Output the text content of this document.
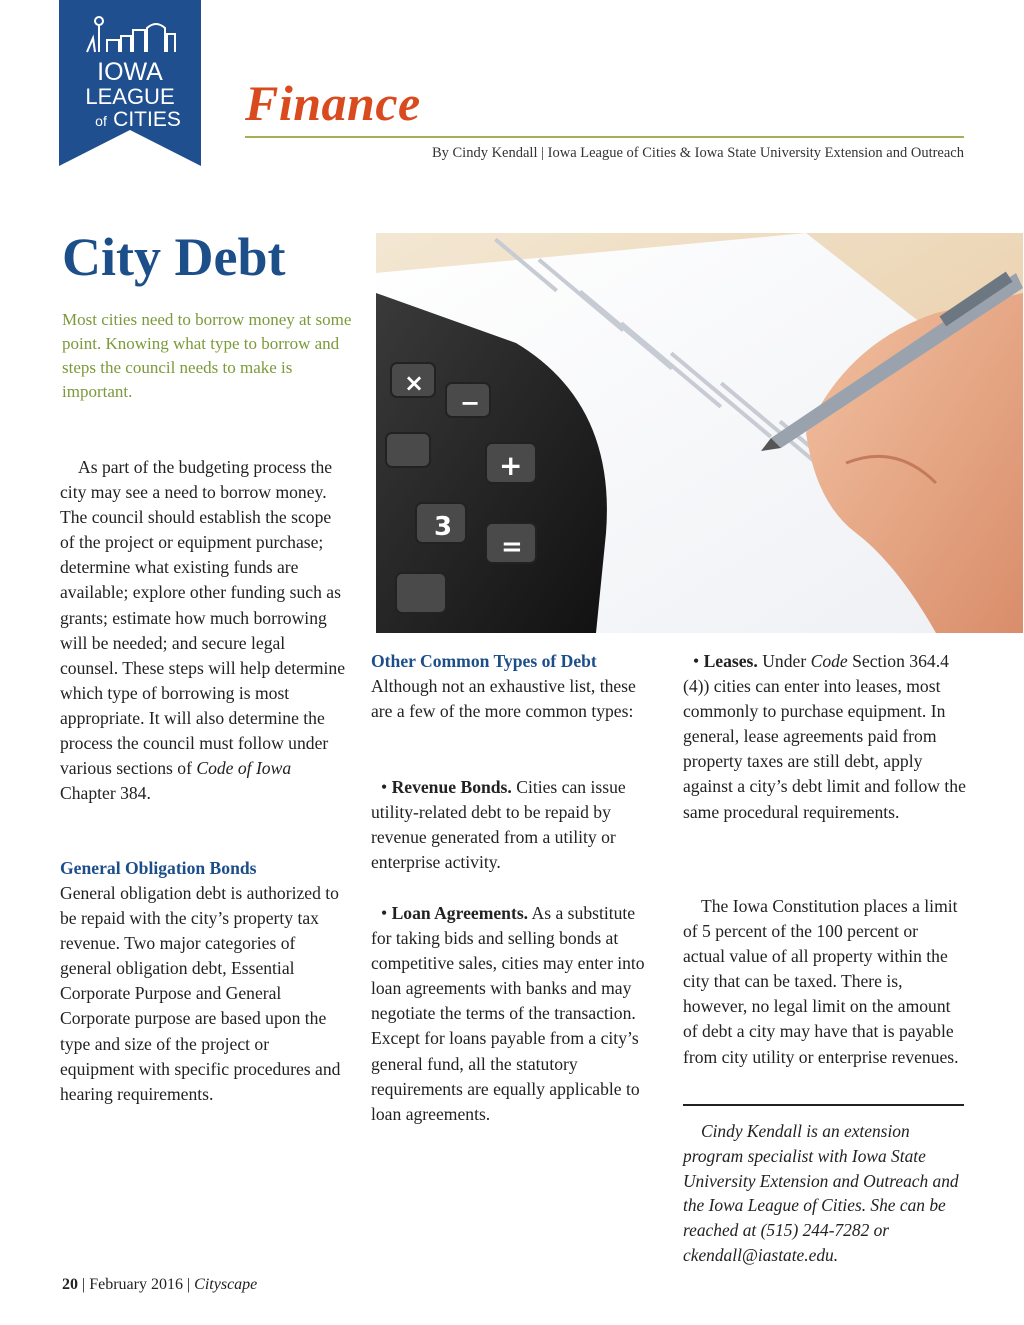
IOWA
LEAGUE
of CITIES Finance
By Cindy Kendall | Iowa League of Cities & Iowa State University Extension and Outreach
City Debt

Most cities need to borrow money at some point. Knowing what type to borrow and steps the council needs to make is important.

As part of the budgeting process the city may see a need to borrow money. The council should establish the scope of the project or equipment purchase; determine what existing funds are available; explore other funding such as grants; estimate how much borrowing will be needed; and secure legal counsel. These steps will help determine which type of borrowing is most appropriate. It will also determine the process the council must follow under various sections of Code of Iowa Chapter 384.

General Obligation Bonds

General obligation debt is authorized to be repaid with the city’s property tax revenue. Two major categories of general obligation debt, Essential Corporate Purpose and General Corporate purpose are based upon the type and size of the project or equipment with specific procedures and hearing requirements.

×
−
+
3
=
Other Common Types of Debt

Although not an exhaustive list, these are a few of the more common types:

• Revenue Bonds. Cities can issue utility-related debt to be repaid by revenue generated from a utility or enterprise activity.

• Loan Agreements. As a substitute for taking bids and selling bonds at competitive sales, cities may enter into loan agreements with banks and may negotiate the terms of the transaction. Except for loans payable from a city’s general fund, all the statutory requirements are equally applicable to loan agreements.

• Leases. Under Code Section 364.4 (4)) cities can enter into leases, most commonly to purchase equipment. In general, lease agreements paid from property taxes are still debt, apply against a city’s debt limit and follow the same procedural requirements.

The Iowa Constitution places a limit of 5 percent of the 100 percent or actual value of all property within the city that can be taxed. There is, however, no legal limit on the amount of debt a city may have that is payable from city utility or enterprise revenues.

Cindy Kendall is an extension program specialist with Iowa State University Extension and Outreach and the Iowa League of Cities. She can be reached at (515) 244-7282 or ckendall@iastate.edu.

20 | February 2016 | Cityscape
